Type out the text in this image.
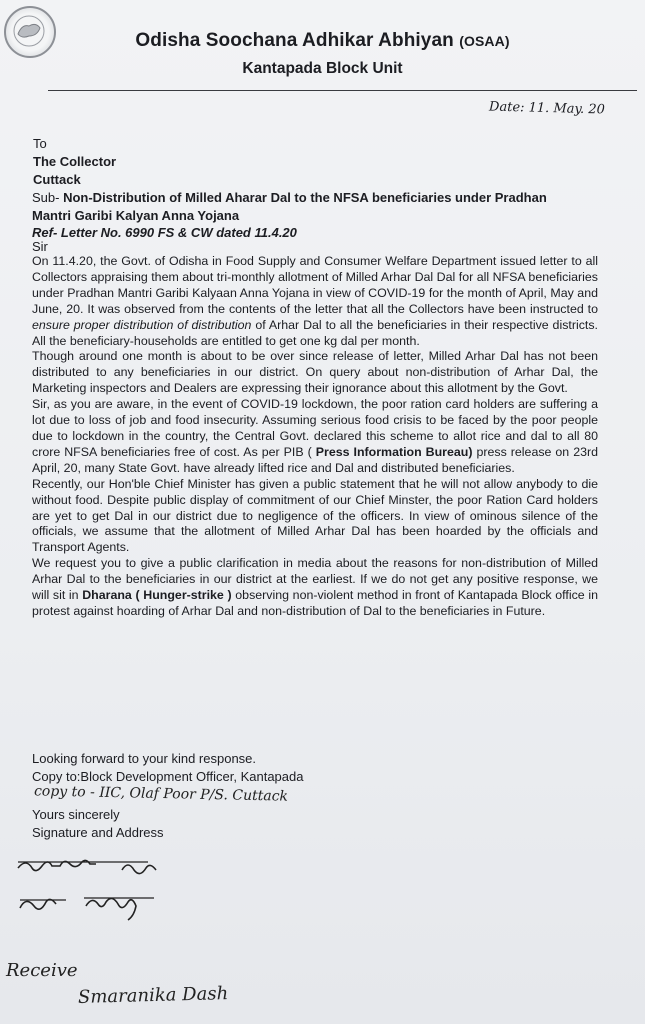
Odisha Soochana Adhikar Abhiyan (OSAA)
Kantapada Block Unit
Date: 11. May. 20
To
The Collector
Cuttack
Sub- Non-Distribution of Milled Aharar Dal to the NFSA beneficiaries under Pradhan
Mantri Garibi Kalyan Anna Yojana
Ref- Letter No. 6990 FS & CW dated 11.4.20
Sir

On 11.4.20, the Govt. of Odisha in Food Supply and Consumer Welfare Department issued letter to all Collectors appraising them about tri-monthly allotment of Milled Arhar Dal Dal for all NFSA beneficiaries under Pradhan Mantri Garibi Kalyaan Anna Yojana in view of COVID-19 for the month of April, May and June, 20. It was observed from the contents of the letter that all the Collectors have been instructed to ensure proper distribution of distribution of Arhar Dal to all the beneficiaries in their respective districts. All the beneficiary-households are entitled to get one kg dal per month.

Though around one month is about to be over since release of letter, Milled Arhar Dal has not been distributed to any beneficiaries in our district. On query about non-distribution of Arhar Dal, the Marketing inspectors and Dealers are expressing their ignorance about this allotment by the Govt.

Sir, as you are aware, in the event of COVID-19 lockdown, the poor ration card holders are suffering a lot due to loss of job and food insecurity. Assuming serious food crisis to be faced by the poor people due to lockdown in the country, the Central Govt. declared this scheme to allot rice and dal to all 80 crore NFSA beneficiaries free of cost. As per PIB ( Press Information Bureau) press release on 23rd April, 20, many State Govt. have already lifted rice and Dal and distributed beneficiaries.

Recently, our Hon'ble Chief Minister has given a public statement that he will not allow anybody to die without food. Despite public display of commitment of our Chief Minster, the poor Ration Card holders are yet to get Dal in our district due to negligence of the officers. In view of ominous silence of the officials, we assume that the allotment of Milled Arhar Dal has been hoarded by the officials and Transport Agents.

We request you to give a public clarification in media about the reasons for non-distribution of Milled Arhar Dal to the beneficiaries in our district at the earliest. If we do not get any positive response, we will sit in Dharana ( Hunger-strike ) observing non-violent method in front of Kantapada Block office in protest against hoarding of Arhar Dal and non-distribution of Dal to the beneficiaries in Future.

Looking forward to your kind response.
Copy to:Block Development Officer, Kantapada
copy to - IIC, Olaf Poor P/S. Cuttack
Yours sincerely
Signature and Address
Receive
Smaranika Dash
